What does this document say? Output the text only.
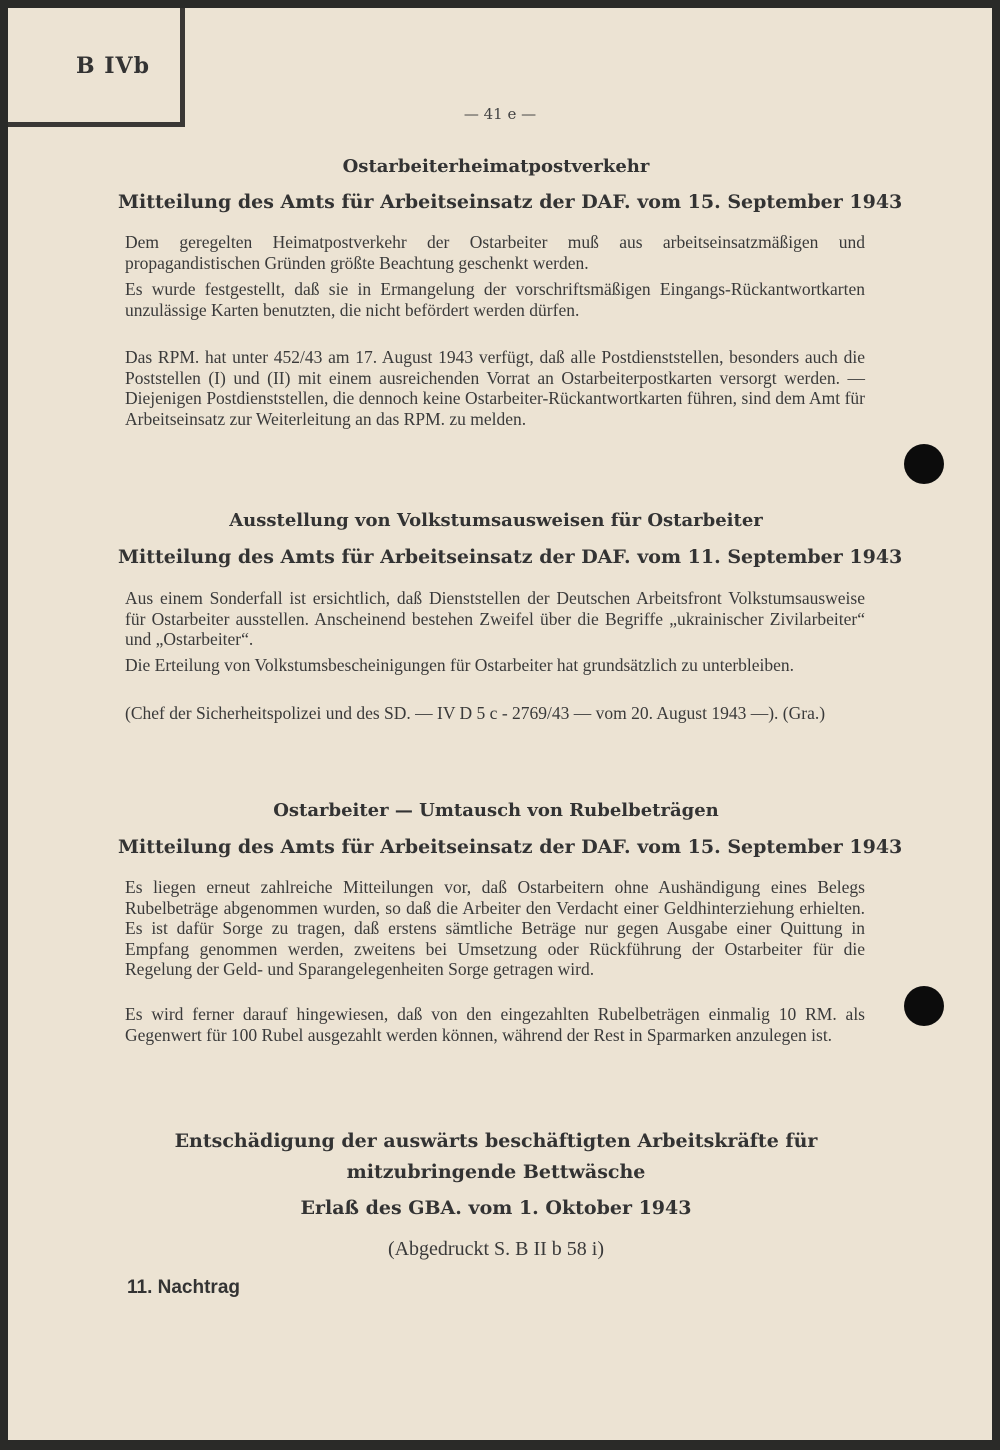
B IVb
— 41 e —
Ostarbeiterheimatpostverkehr
Mitteilung des Amts für Arbeitseinsatz der DAF. vom 15. September 1943

Dem geregelten Heimatpostverkehr der Ostarbeiter muß aus arbeitseinsatzmäßigen und propagandistischen Gründen größte Beachtung geschenkt werden.

Es wurde festgestellt, daß sie in Ermangelung der vorschriftsmäßigen Eingangs-Rückantwortkarten unzulässige Karten benutzten, die nicht befördert werden dürfen.

Das RPM. hat unter 452/43 am 17. August 1943 verfügt, daß alle Postdienststellen, besonders auch die Poststellen (I) und (II) mit einem ausreichenden Vorrat an Ostarbeiterpostkarten versorgt werden. — Diejenigen Postdienststellen, die dennoch keine Ostarbeiter-Rückantwortkarten führen, sind dem Amt für Arbeitseinsatz zur Weiterleitung an das RPM. zu melden.

Ausstellung von Volkstumsausweisen für Ostarbeiter
Mitteilung des Amts für Arbeitseinsatz der DAF. vom 11. September 1943

Aus einem Sonderfall ist ersichtlich, daß Dienststellen der Deutschen Arbeitsfront Volkstumsausweise für Ostarbeiter ausstellen. Anscheinend bestehen Zweifel über die Begriffe „ukrainischer Zivilarbeiter“ und „Ostarbeiter“.

Die Erteilung von Volkstumsbescheinigungen für Ostarbeiter hat grundsätzlich zu unterbleiben.

(Chef der Sicherheitspolizei und des SD. — IV D 5 c - 2769/43 — vom 20. August 1943 —). (Gra.)

Ostarbeiter — Umtausch von Rubelbeträgen
Mitteilung des Amts für Arbeitseinsatz der DAF. vom 15. September 1943

Es liegen erneut zahlreiche Mitteilungen vor, daß Ostarbeitern ohne Aushändigung eines Belegs Rubelbeträge abgenommen wurden, so daß die Arbeiter den Verdacht einer Geldhinterziehung erhielten. Es ist dafür Sorge zu tragen, daß erstens sämtliche Beträge nur gegen Ausgabe einer Quittung in Empfang genommen werden, zweitens bei Umsetzung oder Rückführung der Ostarbeiter für die Regelung der Geld- und Sparangelegenheiten Sorge getragen wird.

Es wird ferner darauf hingewiesen, daß von den eingezahlten Rubelbeträgen einmalig 10 RM. als Gegenwert für 100 Rubel ausgezahlt werden können, während der Rest in Sparmarken anzulegen ist.

Entschädigung der auswärts beschäftigten Arbeitskräfte für mitzubringende Bettwäsche
Erlaß des GBA. vom 1. Oktober 1943
(Abgedruckt S. B II b 58 i)
11. Nachtrag
